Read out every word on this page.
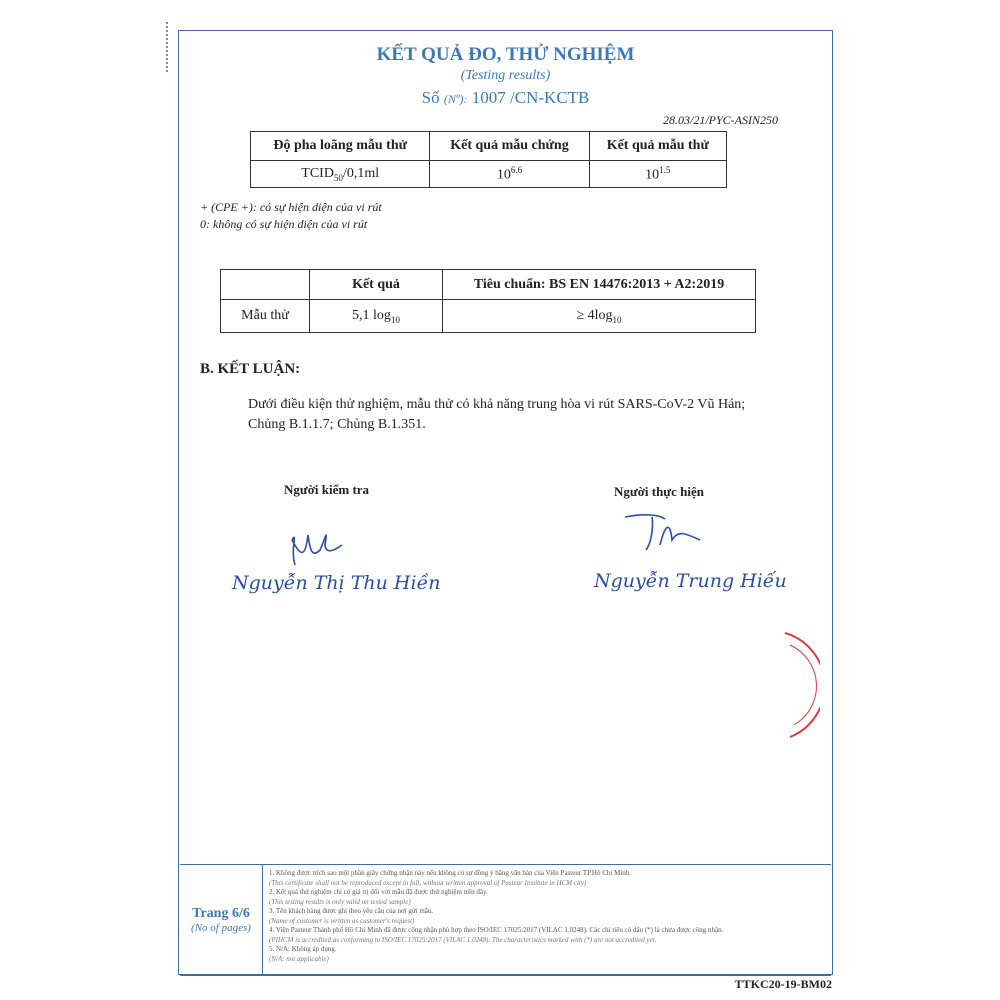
KẾT QUẢ ĐO, THỬ NGHIỆM
(Testing results)
Số (Nº): 1007 /CN-KCTB
28.03/21/PYC-ASIN250
Độ pha loãng mẫu thử	Kết quả mẫu chứng	Kết quả mẫu thử
$TCID_{50}/0,1ml$	$10^{6.6}$	$10^{1.5}$
+ (CPE +): có sự hiện diện của vi rút
0: không có sự hiện diện của vi rút
	Kết quả	Tiêu chuẩn: BS EN 14476:2013 + A2:2019
Mẫu thử	5,1 $\log_{10}$	≥ $4\log_{10}$
B. KẾT LUẬN:
Dưới điều kiện thử nghiệm, mẫu thử có khả năng trung hòa vi rút SARS-CoV-2 Vũ Hán; Chủng B.1.1.7; Chủng B.1.351.
Người kiểm tra	Người thực hiện
Nguyễn Thị Thu Hiền	Nguyễn Trung Hiếu
Trang 6/6
(No of pages)
1. Không được trích sao một phần giấy chứng nhận này nếu không có sự đồng ý bằng văn bản của Viện Pasteur TP.Hồ Chí Minh.
(This certificate shall not be reproduced except in full, without written approval of Pasteur Institute in HCM city)
2. Kết quả thử nghiệm chỉ có giá trị đối với mẫu đã được thử nghiệm trên đây.
(This testing results is only valid on tested sample)
3. Tên khách hàng được ghi theo yêu cầu của nơi gửi mẫu.
(Name of customer is written as customer's request)
4. Viện Pasteur Thành phố Hồ Chí Minh đã được công nhận phù hợp theo ISO/IEC 17025:2017 (VILAC 1.0248). Các chỉ tiêu có dấu (*) là chưa được công nhận.
(PIHCM is accredited as conforming to ISO/IEC 17025:2017 (VILAC 1.0248). The characteristics marked with (*) are not accredited yet.
5. N/A: Không áp dụng.
(N/A: not applicable)
TTKC20-19-BM02
